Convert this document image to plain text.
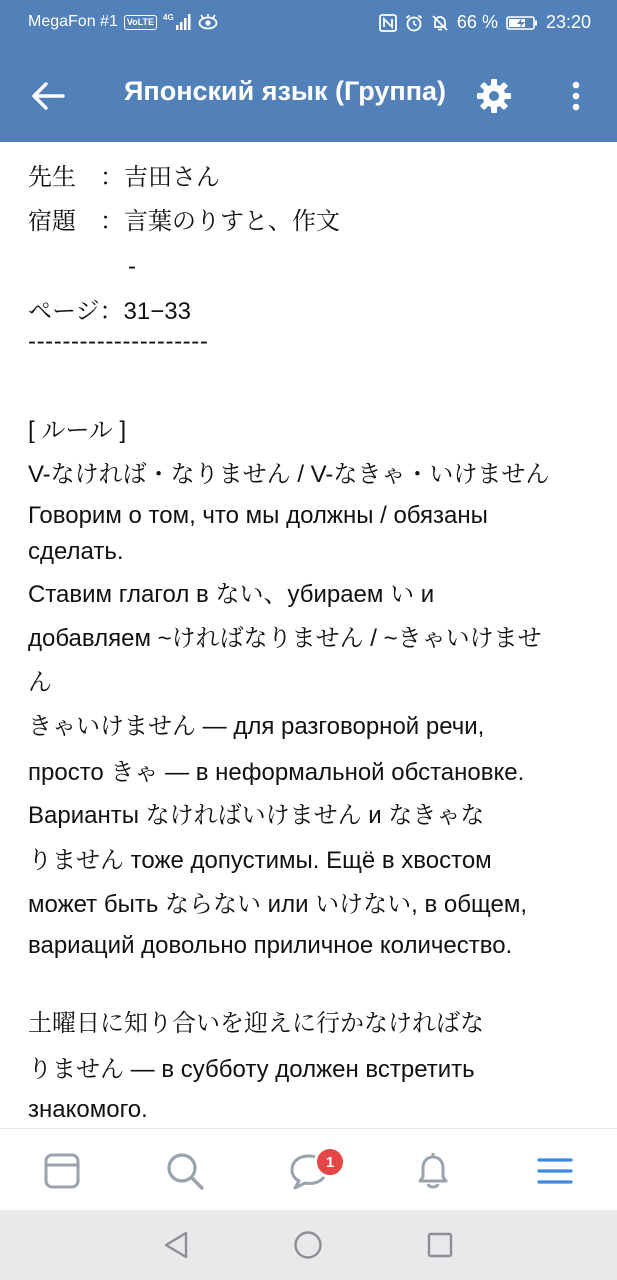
MegaFon #1	VoLTE	4G	66 %	23:20
Японский язык (Группа)
先生　：吉田さん
宿題　：言葉のりすと、作文
-
ページ：31−33
---------------------
[ ルール ]
V-なければ・なりません / V-なきゃ・いけません
Говорим о том, что мы должны / обязаны
сделать.
Ставим глагол в ない、убираем い и
добавляем ~ければなりません / ~きゃいけませ
ん
きゃいけません ― для разговорной речи,
просто きゃ ― в неформальной обстановке.
Варианты なければいけません и なきゃな
りません тоже допустимы. Ещё в хвостом
может быть ならない или いけない, в общем,
вариаций довольно приличное количество.
土曜日に知り合いを迎えに行かなければな
りません ― в субботу должен встретить
знакомого.
1
